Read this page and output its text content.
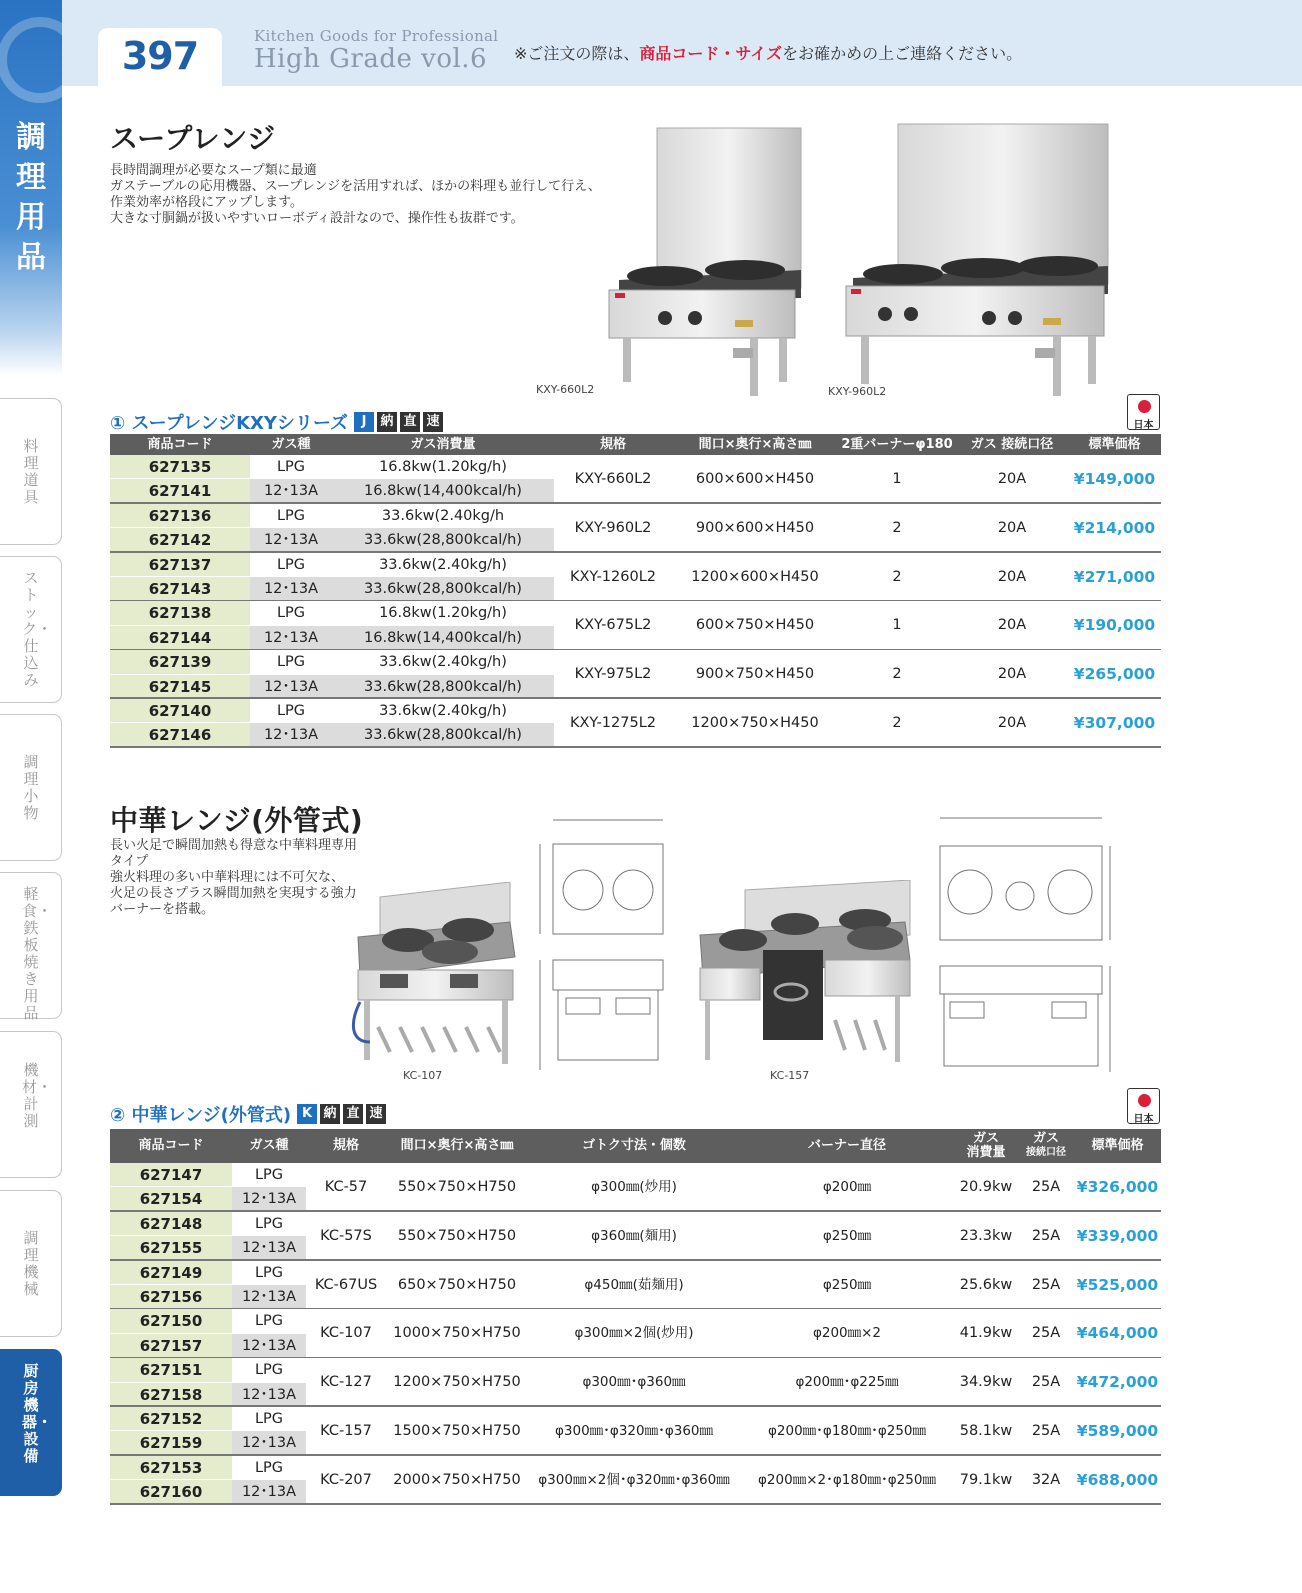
397	Kitchen Goods for Professional
High Grade vol.6 ※ご注文の際は、商品コード・サイズをお確かめの上ご連絡ください。
調
理
用
品
料理道具
ストック・仕込み
調理小物
軽食・鉄板焼き用品
機材・計測
調理機械
厨房機器・設備
スープレンジ
長時間調理が必要なスープ類に最適
ガステーブルの応用機器、スープレンジを活用すれば、ほかの料理も並行して行え、
作業効率が格段にアップします。
大きな寸胴鍋が扱いやすいローボディ設計なので、操作性も抜群です。
KXY-660L2	KXY-960L2
① スープレンジKXYシリーズ	J	納 直 速	日本
商品コード	ガス種	ガス消費量	規格	間口×奥行×高さ㎜	2重バーナーφ180個数
ガス 接続口径	標準価格
627135	LPG	16.8kw(1.20kg/h)
627141	12･13A	16.8kw(14,400kcal/h)
KXY-660L2	600×600×H450	1	20A	¥149,000
627136	LPG	33.6kw(2.40kg/h
627142	12･13A	33.6kw(28,800kcal/h)
KXY-960L2	900×600×H450	2	20A	¥214,000
627137	LPG	33.6kw(2.40kg/h)
627143	12･13A	33.6kw(28,800kcal/h)
KXY-1260L2	1200×600×H450	2	20A	¥271,000
627138	LPG	16.8kw(1.20kg/h)
627144	12･13A	16.8kw(14,400kcal/h)
KXY-675L2	600×750×H450	1	20A	¥190,000
627139	LPG	33.6kw(2.40kg/h)
627145	12･13A	33.6kw(28,800kcal/h)
KXY-975L2	900×750×H450	2	20A	¥265,000
627140	LPG	33.6kw(2.40kg/h)
627146	12･13A	33.6kw(28,800kcal/h)
KXY-1275L2	1200×750×H450	2	20A	¥307,000
中華レンジ(外管式)
長い火足で瞬間加熱も得意な中華料理専用
タイプ
強火料理の多い中華料理には不可欠な、
火足の長さプラス瞬間加熱を実現する強力
バーナーを搭載。
KC-107	KC-157
② 中華レンジ(外管式) K 納 直 速	日本
商品コード	ガス種	規格	間口×奥行×高さ㎜	ゴトク寸法・個数	バーナー直径	標準価格
ガス
消費量
ガス
接続口径
627147	LPG
627154	12･13A
KC-57	550×750×H750	φ300㎜(炒用)	φ200㎜	20.9kw	25A	¥326,000
627148	LPG
627155	12･13A
KC-57S	550×750×H750	φ360㎜(麺用)	φ250㎜	23.3kw	25A	¥339,000
627149	LPG
627156	12･13A
KC-67US	650×750×H750	φ450㎜(茹麺用)	φ250㎜	25.6kw	25A	¥525,000
627150	LPG
627157	12･13A
KC-107	1000×750×H750	φ300㎜×2個(炒用)	φ200㎜×2	41.9kw	25A	¥464,000
627151	LPG
627158	12･13A
KC-127	1200×750×H750	φ300㎜･φ360㎜	φ200㎜･φ225㎜	34.9kw	25A	¥472,000
627152	LPG
627159	12･13A
KC-157	1500×750×H750	φ300㎜･φ320㎜･φ360㎜	φ200㎜･φ180㎜･φ250㎜	58.1kw	25A	¥589,000
627153	LPG
627160	12･13A
KC-207	2000×750×H750	φ300㎜×2個･φ320㎜･φ360㎜	φ200㎜×2･φ180㎜･φ250㎜	79.1kw	32A	¥688,000
